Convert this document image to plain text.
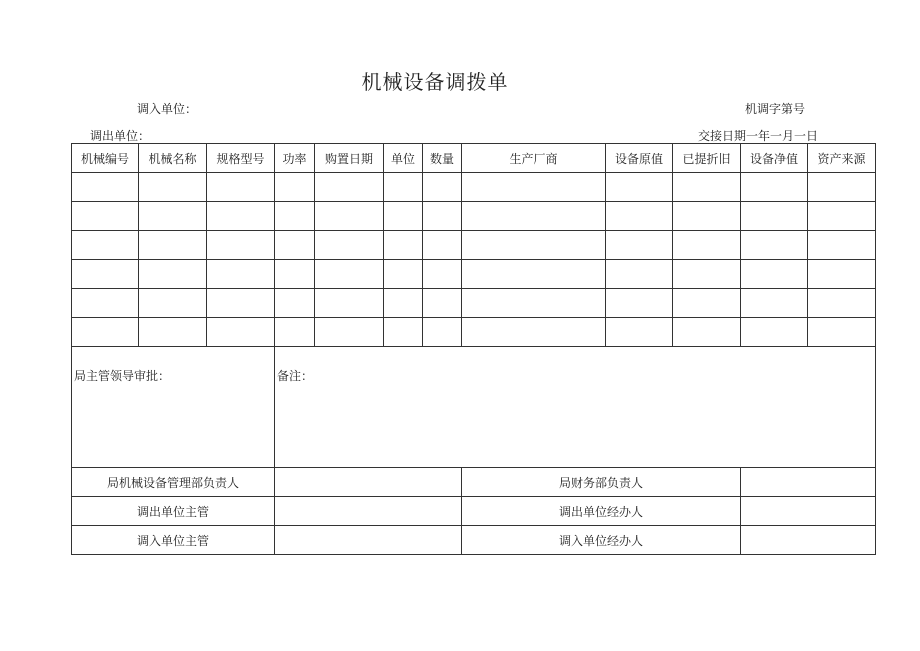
机械设备调拨单
调入单位：	机调字第号
调出单位：	交接日期一年一月一日
机械编号	机械名称	规格型号	功率	购置日期	单位	数量	生产厂商	设备原值	已提折旧	设备净值	资产来源

局主管领导审批：			备注：								
局机械设备管理部负责人							局财务部负责人				
调出单位主管							调出单位经办人				
调入单位主管							调入单位经办人				
